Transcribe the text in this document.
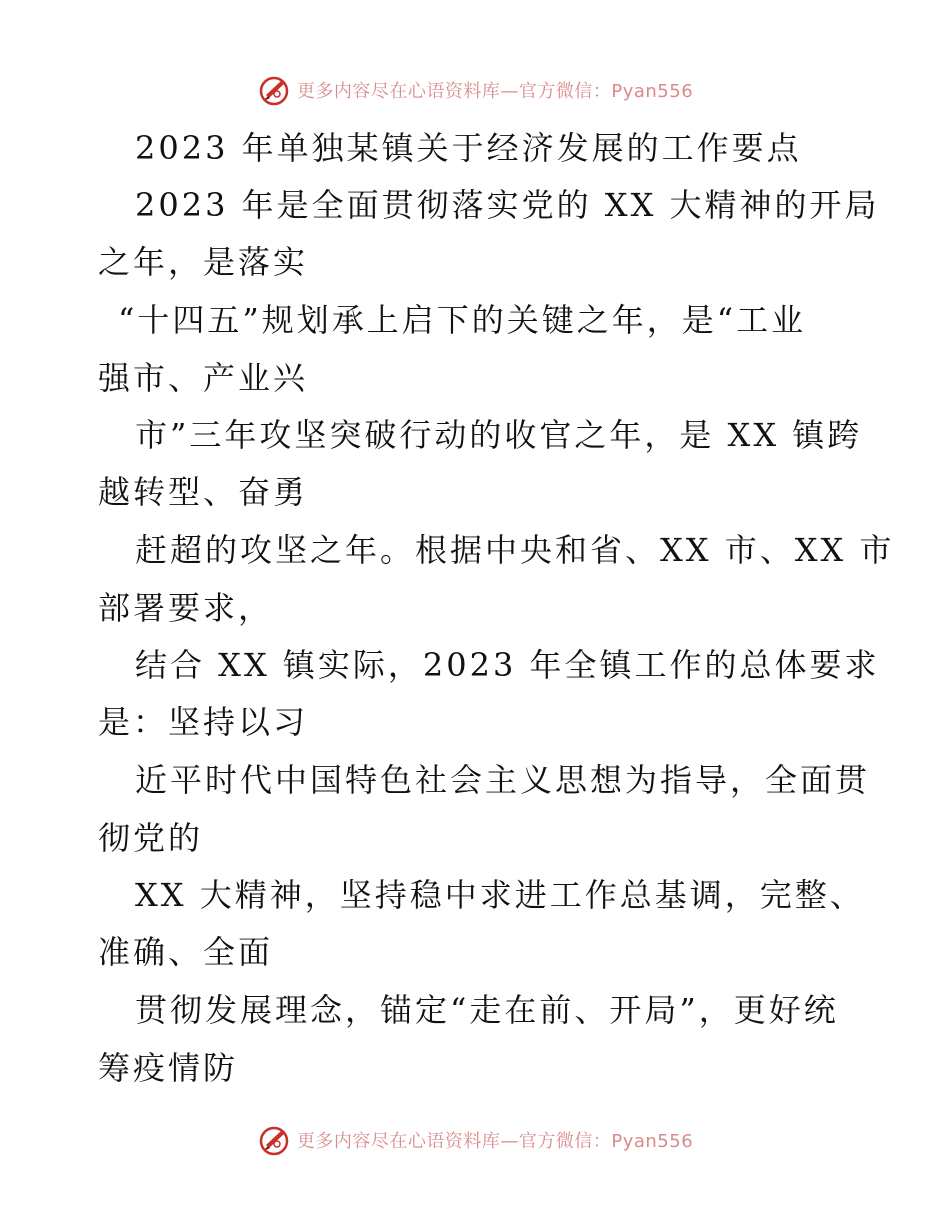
更多内容尽在心语资料库—官方微信：Pyan556
2023 年单独某镇关于经济发展的工作要点
2023 年是全面贯彻落实党的 XX 大精神的开局
之年，是落实
“十四五”规划承上启下的关键之年，是“工业
强市、产业兴
市”三年攻坚突破行动的收官之年，是 XX 镇跨
越转型、奋勇
赶超的攻坚之年。根据中央和省、XX 市、XX 市
部署要求，
结合 XX 镇实际，2023 年全镇工作的总体要求
是：坚持以习
近平时代中国特色社会主义思想为指导，全面贯
彻党的
XX 大精神，坚持稳中求进工作总基调，完整、
准确、全面
贯彻发展理念，锚定“走在前、开局”，更好统
筹疫情防
更多内容尽在心语资料库—官方微信：Pyan556
